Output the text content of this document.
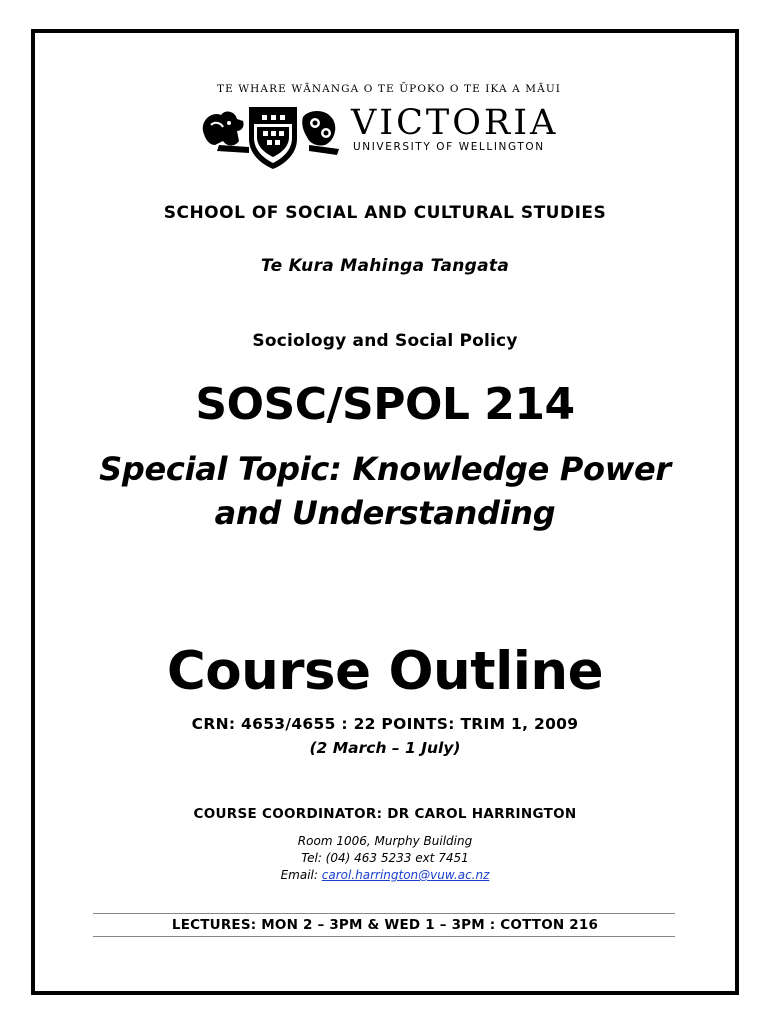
TE WHARE WĀNANGA O TE ŪPOKO O TE IKA A MĀUI
VICTORIA
UNIVERSITY OF WELLINGTON
SCHOOL OF SOCIAL AND CULTURAL STUDIES
Te Kura Mahinga Tangata
Sociology and Social Policy
SOSC/SPOL 214
Special Topic: Knowledge Power
and Understanding
Course Outline
CRN: 4653/4655 : 22 POINTS: TRIM 1, 2009
(2 March – 1 July)
COURSE COORDINATOR: DR CAROL HARRINGTON
Room 1006, Murphy Building
Tel: (04) 463 5233 ext 7451
Email: carol.harrington@vuw.ac.nz
LECTURES: MON 2 – 3PM & WED 1 – 3PM : COTTON 216
